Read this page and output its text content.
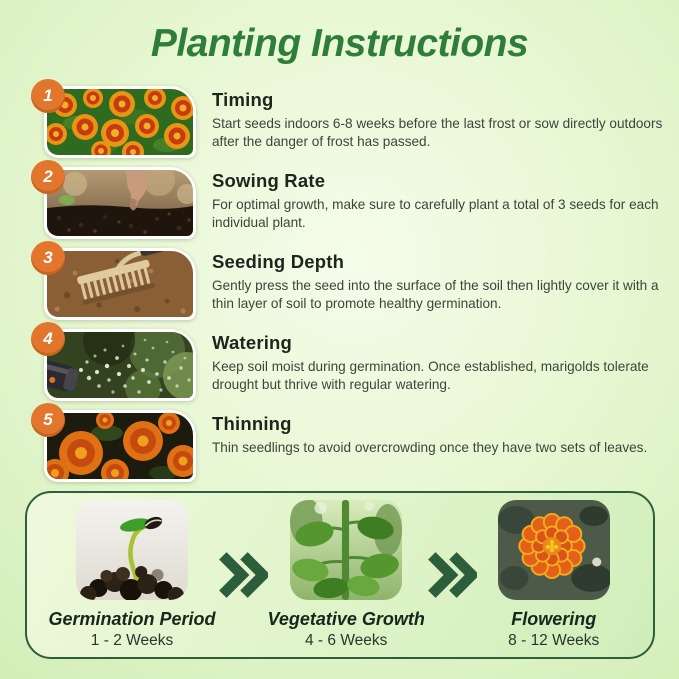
Planting Instructions
1	Timing

Start seeds indoors 6-8 weeks before the last frost or sow directly outdoors after the danger of frost has passed.

2	Sowing Rate

For optimal growth, make sure to carefully plant a total of 3 seeds for each individual plant.

3	Seeding Depth

Gently press the seed into the surface of the soil then lightly cover it with a thin layer of soil to promote healthy germination.

4	Watering

Keep soil moist during germination. Once established, marigolds tolerate drought but thrive with regular watering.

5	Thinning

Thin seedlings to avoid overcrowding once they have two sets of leaves.

Germination Period
1 - 2 Weeks
Vegetative Growth
4 - 6 Weeks
Flowering
8 - 12 Weeks
